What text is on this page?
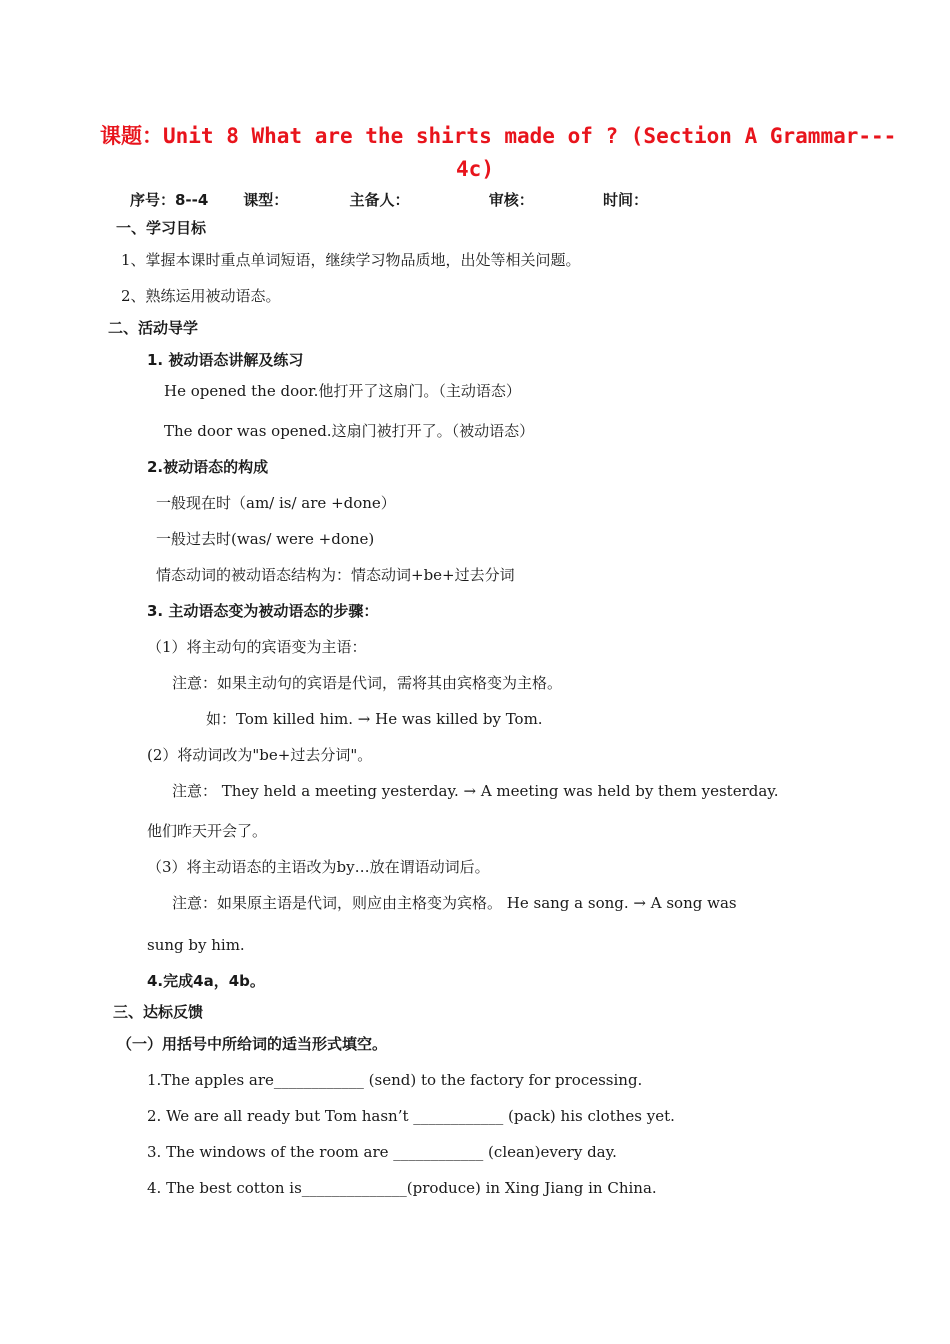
课题：Unit 8 What are the shirts made of ? (Section A Grammar---
4c)
序号：8--4 课型：	主备人：	审核：	时间：
一、学习目标
1、掌握本课时重点单词短语，继续学习物品质地，出处等相关问题。
2、熟练运用被动语态。
二、活动导学
1. 被动语态讲解及练习
He opened the door.他打开了这扇门。（主动语态）
The door was opened.这扇门被打开了。（被动语态）
2.被动语态的构成
一般现在时（am/ is/ are +done）
一般过去时(was/ were +done)
情态动词的被动语态结构为：情态动词+be+过去分词
3. 主动语态变为被动语态的步骤：
（1）将主动句的宾语变为主语：
注意：如果主动句的宾语是代词，需将其由宾格变为主格。
如：Tom killed him. → He was killed by Tom.
(2）将动词改为"be+过去分词"。
注意： They held a meeting yesterday. → A meeting was held by them yesterday.
他们昨天开会了。
（3）将主动语态的主语改为by…放在谓语动词后。
注意：如果原主语是代词，则应由主格变为宾格。 He sang a song. → A song was
sung by him.
4.完成4a，4b。
三、达标反馈
（一）用括号中所给词的适当形式填空。
1.The apples are____________ (send) to the factory for processing.
2. We are all ready but Tom hasn’t ____________ (pack) his clothes yet.
3. The windows of the room are ____________ (clean)every day.
4. The best cotton is______________(produce) in Xing Jiang in China.
